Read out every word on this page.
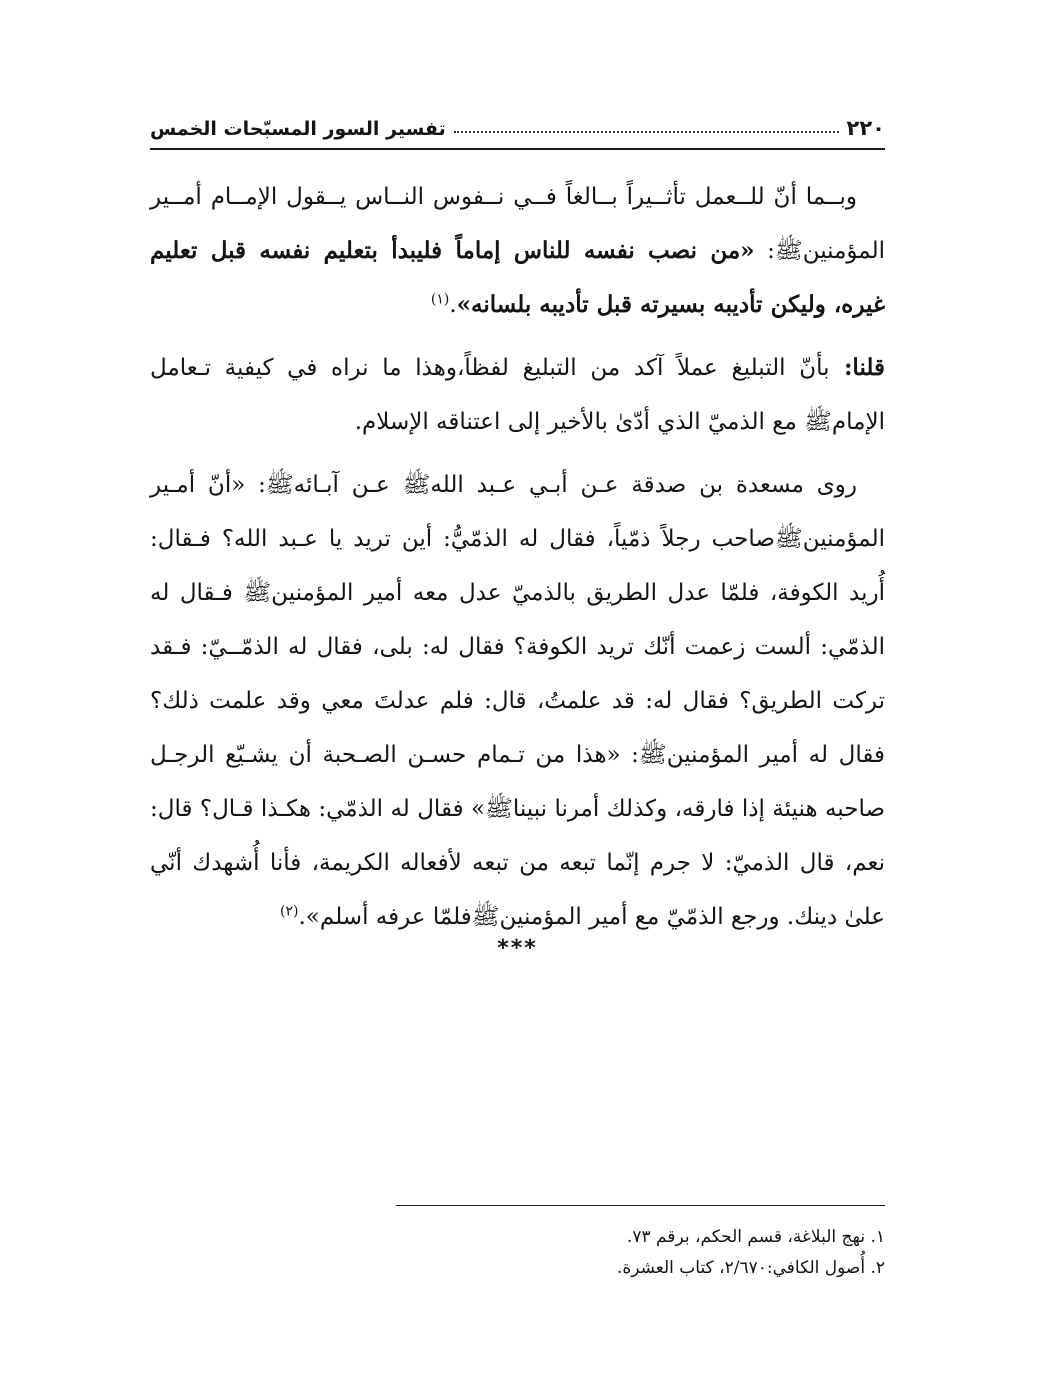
٢٢٠
تفسير السور المسبّحات الخمس

وبــما أنّ للــعمل تأثــيراً بــالغاً فــي نــفوس النــاس يــقول الإمــام أمــير المؤمنينﷺ: «من نصب نفسه للناس إماماً فليبدأ بتعليم نفسه قبل تعليم غيره، وليكن تأديبه بسيرته قبل تأديبه بلسانه».$^{(١)}$

قلنا: بأنّ التبليغ عملاً آكد من التبليغ لفظاً،وهذا ما نراه في كيفية تـعامل الإمامﷺ مع الذميّ الذي أدّىٰ بالأخير إلى اعتناقه الإسلام.

روى مسعدة بن صدقة عـن أبـي عـبد اللهﷺ عـن آبـائهﷺ: «أنّ أمـير المؤمنينﷺصاحب رجلاً ذمّياً، فقال له الذمّيُّ: أين تريد يا عـبد الله؟ فـقال: أُريد الكوفة، فلمّا عدل الطريق بالذميّ عدل معه أمير المؤمنينﷺ فـقال له الذمّي: ألست زعمت أنّك تريد الكوفة؟ فقال له: بلى، فقال له الذمّــيّ: فـقد تركت الطريق؟ فقال له: قد علمتُ، قال: فلم عدلتَ معي وقد علمت ذلك؟ فقال له أمير المؤمنينﷺ: «هذا من تـمام حسـن الصـحبة أن يشـيّع الرجـل صاحبه هنيئة إذا فارقه، وكذلك أمرنا نبيناﷺ» فقال له الذمّي: هكـذا قـال؟ قال: نعم، قال الذميّ: لا جرم إنّما تبعه من تبعه لأفعاله الكريمة، فأنا أُشهدك أنّي علىٰ دينك. ورجع الذمّيّ مع أمير المؤمنينﷺفلمّا عرفه أسلم».$^{(٢)}$

***
١. نهج البلاغة، قسم الحكم، برقم ٧٣.
٢. أُصول الكافي:٢/٦٧٠، كتاب العشرة.
